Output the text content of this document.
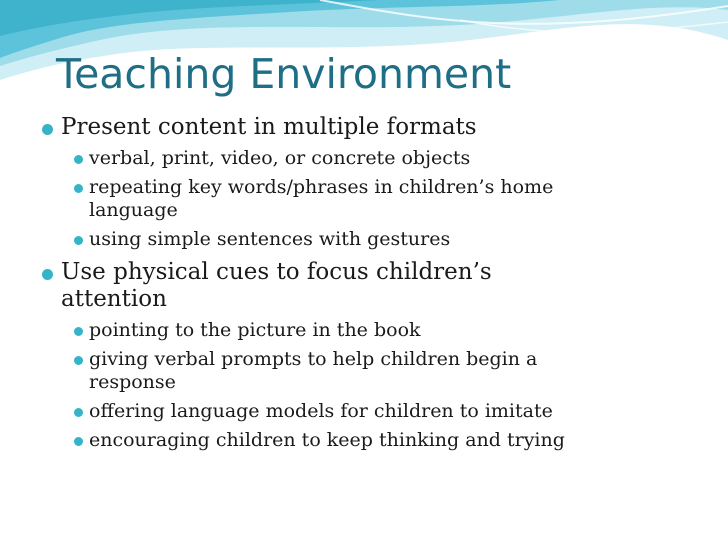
Teaching Environment
Present content in multiple formats
verbal, print, video, or concrete objects
repeating key words/phrases in children’s home language
using simple sentences with gestures
Use physical cues to focus children’s attention
pointing to the picture in the book
giving verbal prompts to help children begin a response
offering language models for children to imitate
encouraging children to keep thinking and trying
